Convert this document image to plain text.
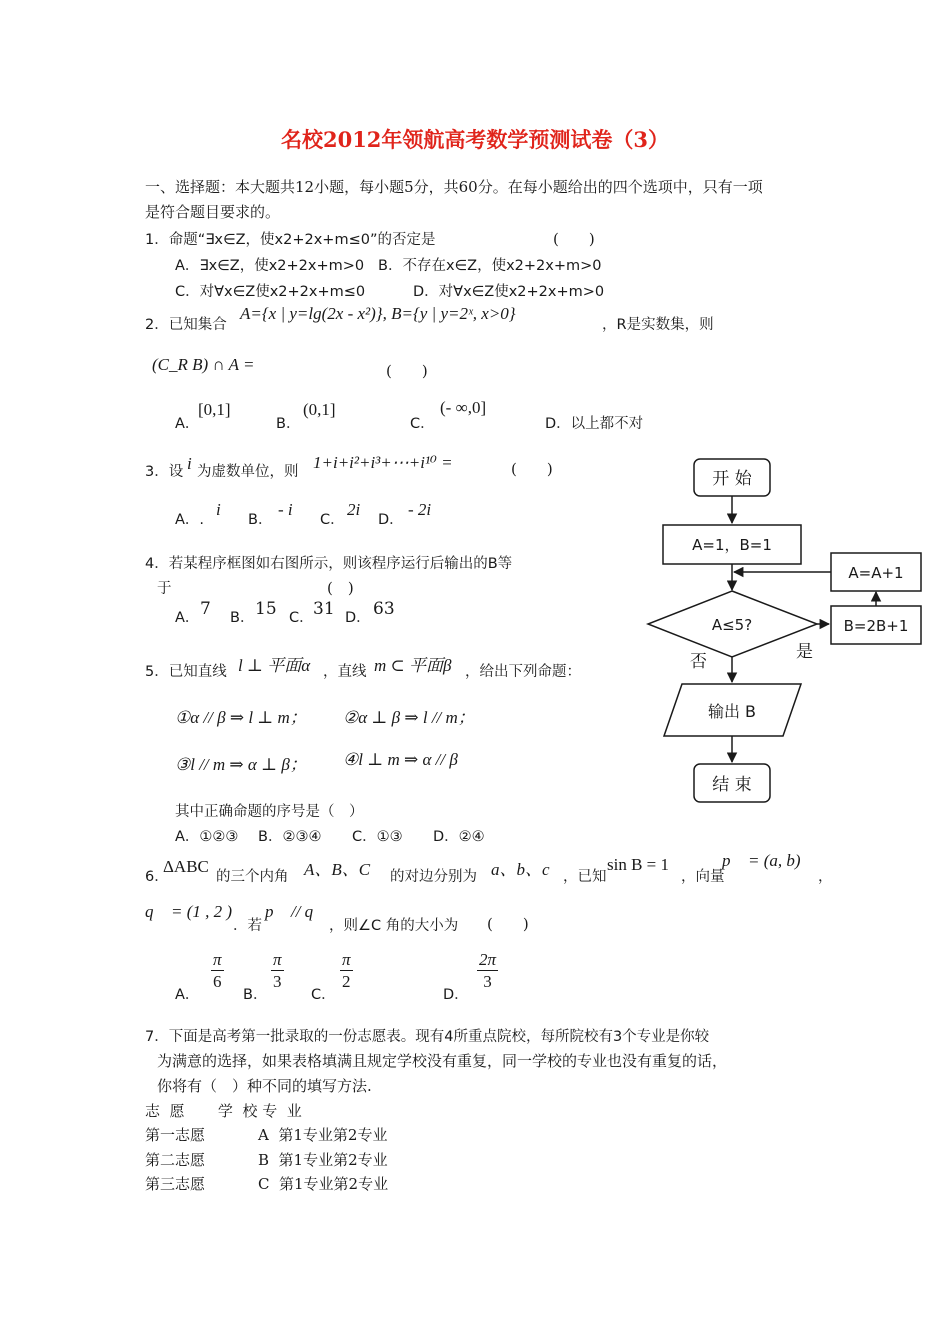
名校2012年领航高考数学预测试卷（3）
一、选择题：本大题共12小题，每小题5分，共60分。在每小题给出的四个选项中，只有一项
是符合题目要求的。
1．命题“∃x∈Z，使x2+2x+m≤0”的否定是	(　　)
A．∃x∈Z，使x2+2x+m>0 B．不存在x∈Z，使x2+2x+m>0
C．对∀x∈Z使x2+2x+m≤0	D．对∀x∈Z使x2+2x+m>0
2．已知集合
A={x | y=lg(2x - x²)}, B={y | y=2ˣ, x>0}
，R是实数集，则
(C_R B) ∩ A =	(　　)
A．
[0,1]
B．
(0,1]
C．
(- ∞,0]
D．以上都不对
3．设 i 为虚数单位，则 1+i+i²+i³+⋯+i¹⁰ =	(　　)
A．.
i
B．
- i
C．
2i
D．
- 2i
4．若某程序框图如右图所示，则该程序运行后输出的B等
于	(　)
A． 7 B． 15 C． 31 D． 63
开 始
A=1，B=1
A≤5?
是
B=2B+1
A=A+1
否
输出 B
结 束
5．已知直线 l ⊥ 平面α ，直线 m ⊂ 平面β ，给出下列命题：
①α // β ⇒ l ⊥ m； ②α ⊥ β ⇒ l // m；
③l // m ⇒ α ⊥ β； ④l ⊥ m ⇒ α // β
其中正确命题的序号是（　）
A．①②③ B．②③④ C．①③ D．②④
6．
ΔABC
的三个内角 A、B、C 的对边分别为 a、b、c ，已知
sin B = 1
，向量
p⃗ = (a, b)
，
q⃗ = (1 , 2 )
．若
p⃗ // q⃗
，则∠C 角的大小为 (　　)
A．
$\frac{\pi}{6}$
B．
$\frac{\pi}{3}$
C．
$\frac{\pi}{2}$
D．
$\frac{2\pi}{3}$
7．下面是高考第一批录取的一份志愿表。现有4所重点院校，每所院校有3个专业是你较
为满意的选择，如果表格填满且规定学校没有重复，同一学校的专业也没有重复的话，
你将有（　）种不同的填写方法.
志  愿       学  校 专  业
第一志愿	A  第1专业第2专业
第二志愿	B  第1专业第2专业
第三志愿	C  第1专业第2专业
